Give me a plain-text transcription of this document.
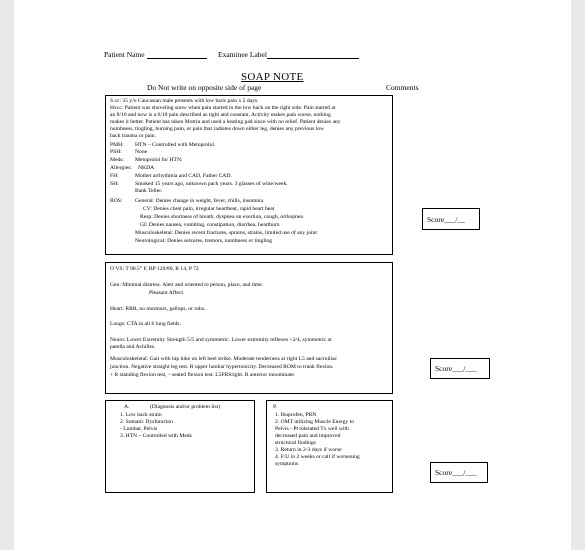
Patient Name	Examinee Label
SOAP NOTE
Do Not write on opposite side of page	Comments
S cc: 35 y/o Caucasian male presents with low back pain x 2 days.
Hxcc: Patient was shoveling snow when pain started in the low back on the right side. Pain started at
an 8/10 and now is a 6/10 pain described as tight and constant. Activity makes pain worse, nothing
makes it better. Patient has taken Motrin and used a heating pad since with no relief. Patient denies any
numbness, tingling, burning pain, or pain that radiates down either leg, denies any previous low
back trauma or pain.
PMH: HTN – Controlled with Metoprolol.
PSH: None
Meds: Metoprolol for HTN.
Allergies: NKDA
FH:	Mother arrhythmia and CAD, Father CAD.
SH:	Smoked 15 years ago, unknown pack years. 3 glasses of wine/week.
Bank Teller.
ROS: General: Denies change in weight, fever, chills, insomnia
CV: Denies chest pain, irregular heartbeat, rapid heart beat
Resp: Denies shortness of breath, dyspnea on exertion, cough, orthopnea
GI: Denies nausea, vomiting, constipation, diarrhea, heartburn
Musculoskeletal: Denies recent fractures, sprains, strains, limited use of any joint
Neurological: Denies seizures, tremors, numbness or tingling
Score ___/__
O VS: T 98.5° F, BP 120/80, R 14, P 72
Gen: Minimal distress. Alert and oriented to person, place, and time.
Pleasant Affect.
Heart: RRR, no murmurs, gallops, or rubs.
Lungs: CTA in all 6 lung fields.
Neuro: Lower Extremity Strength 5/5 and symmetric. Lower extremity reflexes +2/4, symmetric at
patella and Achilles.
Musculoskeletal: Gait with hip hike on left heel strike. Moderate tenderness at right L5 and sacroiliac
junction. Negative straight leg test. R upper lumbar hypertonicity. Decreased ROM to trunk flexion.
+ R standing flexion test, – seated flexion test. L5FRSright. R anterior innominate.
Score ___/___
A.	(Diagnosis and/or problem list)
1. Low back strain
2. Somatic Dysfunction
- Lumbar, Pelvis
3. HTN – Controlled with Meds
P.
1. Ibuprofen, PRN
2. OMT utilizing Muscle Energy to
Pelvis - Pt tolerated Tx well with
decreased pain and improved
structural findings
3. Return in 2-3 days if worse
4. F/U in 2 weeks or call if worsening
symptoms
Score ___/___
